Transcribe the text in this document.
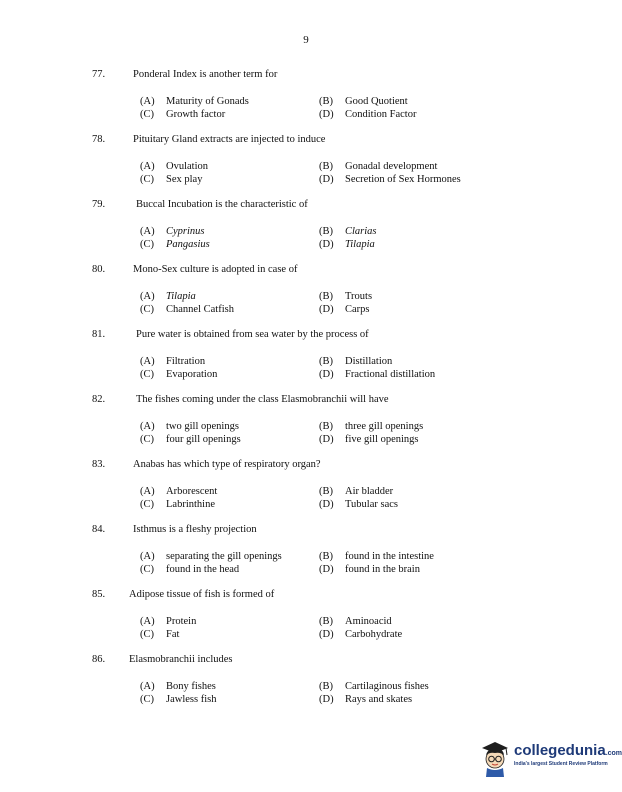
9
77.	Ponderal Index is another term for
(A) Maturity of Gonads	(B) Good Quotient
(C) Growth factor	(D) Condition Factor
78.	Pituitary Gland extracts are injected to induce
(A) Ovulation	(B) Gonadal development
(C) Sex play	(D) Secretion of Sex Hormones
79.	Buccal Incubation is the characteristic of
(A) Cyprinus	(B) Clarias
(C) Pangasius	(D) Tilapia
80.	Mono-Sex culture is adopted in case of
(A) Tilapia	(B) Trouts
(C) Channel Catfish	(D) Carps
81.	Pure water is obtained from sea water by the process of
(A) Filtration	(B) Distillation
(C) Evaporation	(D) Fractional distillation
82.	The fishes coming under the class Elasmobranchii will have
(A) two gill openings	(B) three gill openings
(C) four gill openings	(D) five gill openings
83.	Anabas has which type of respiratory organ?
(A) Arborescent	(B) Air bladder
(C) Labrinthine	(D) Tubular sacs
84.	Isthmus is a fleshy projection
(A) separating the gill openings	(B) found in the intestine
(C) found in the head	(D) found in the brain
85. Adipose tissue of fish is formed of
(A) Protein	(B) Aminoacid
(C) Fat	(D) Carbohydrate
86. Elasmobranchii includes
(A) Bony fishes	(B) Cartilaginous fishes
(C) Jawless fish	(D) Rays and skates
collegedunia.com
India's largest Student Review Platform
